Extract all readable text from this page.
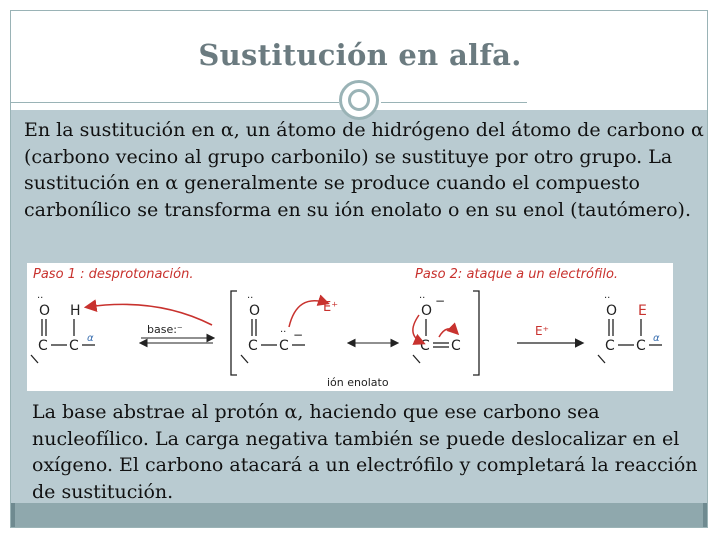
Sustitución en alfa.
En la sustitución en α, un átomo de hidrógeno del átomo de carbono α (carbono vecino al grupo carbonilo) se sustituye por otro grupo. La sustitución en α generalmente se produce cuando el compuesto carbonílico se transforma en su ión enolato o en su enol (tautómero).
Paso 1 : desprotonación.	Paso 2: ataque a un electrófilo.
O
··
C C
H
α
base:⁻
··
O
C
··
C
−
E⁺
··
O
−
C C
E⁺
··
O
C C
E
α
ión enolato
La base abstrae al protón α, haciendo que ese carbono sea nucleofílico. La carga negativa también se puede deslocalizar en el oxígeno. El carbono atacará a un electrófilo y completará la reacción de sustitución.
